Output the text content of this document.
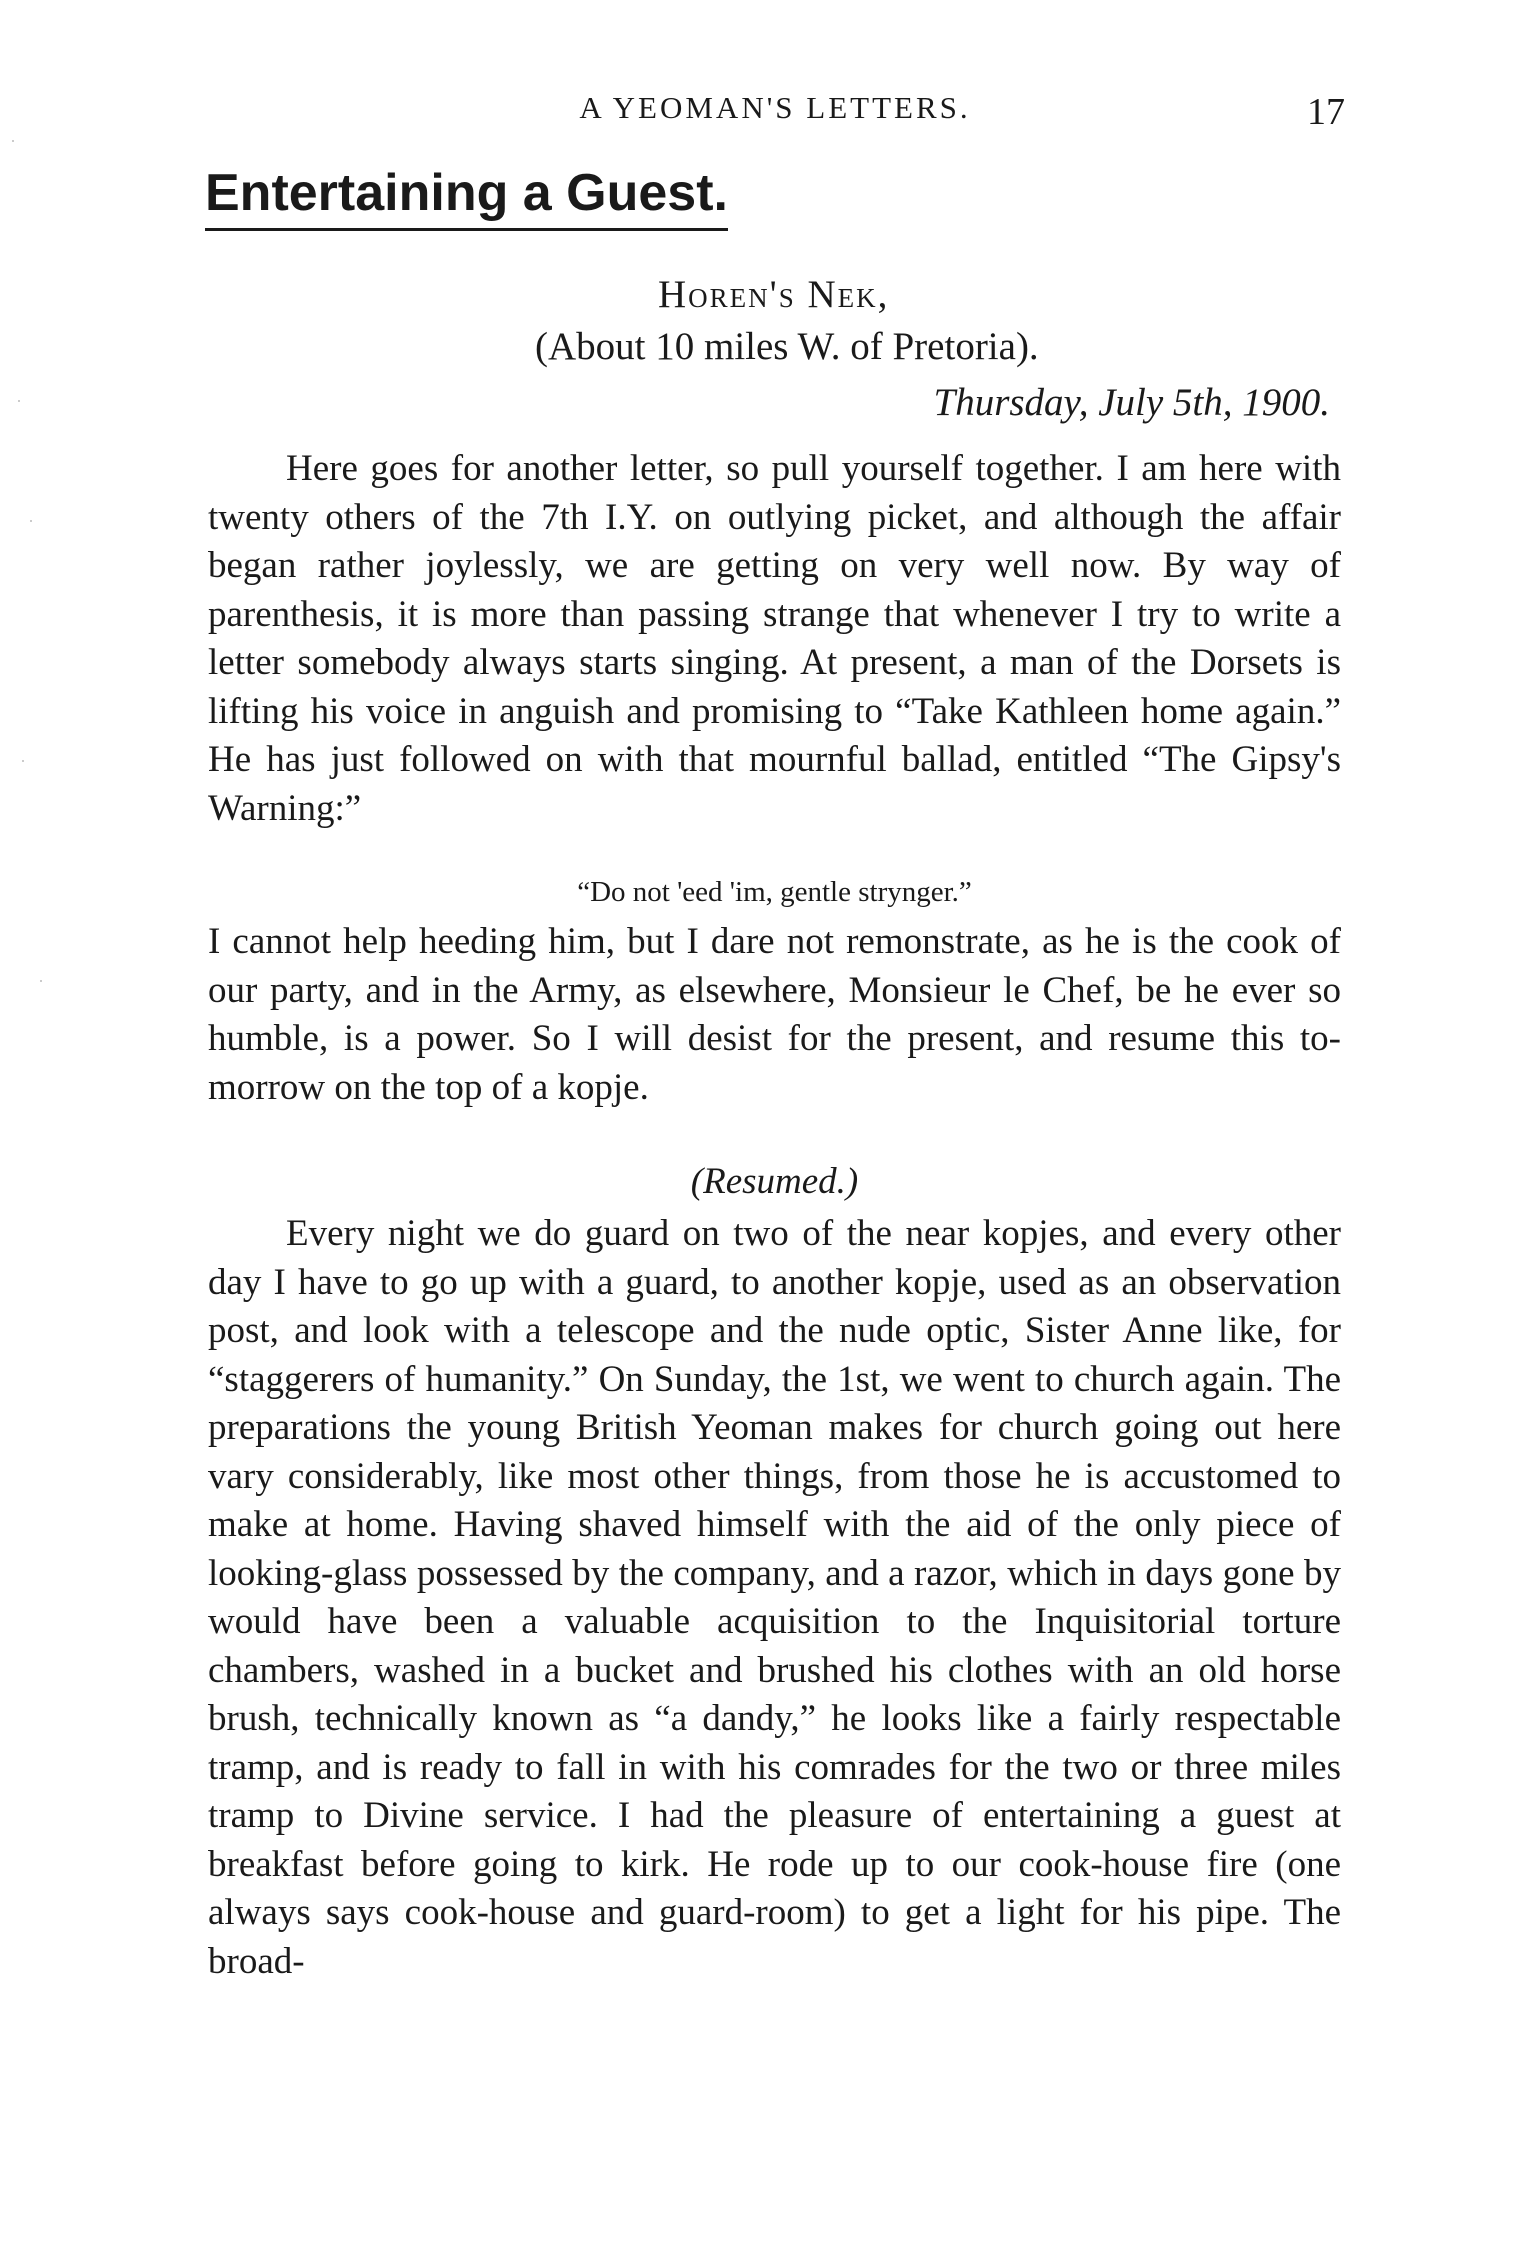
A YEOMAN'S LETTERS.	17
Entertaining a Guest.
Horen's Nek,
(About 10 miles W. of Pretoria).
Thursday, July 5th, 1900.

Here goes for another letter, so pull yourself together. I am here with twenty others of the 7th I.Y. on outlying picket, and although the affair began rather joylessly, we are getting on very well now. By way of parenthesis, it is more than passing strange that whenever I try to write a letter somebody always starts singing. At present, a man of the Dorsets is lifting his voice in anguish and promising to “Take Kathleen home again.” He has just followed on with that mournful ballad, entitled “The Gipsy's Warning:”

“Do not 'eed 'im, gentle strynger.”

I cannot help heeding him, but I dare not remonstrate, as he is the cook of our party, and in the Army, as elsewhere, Monsieur le Chef, be he ever so humble, is a power. So I will desist for the present, and resume this to-morrow on the top of a kopje.

(Resumed.)

Every night we do guard on two of the near kopjes, and every other day I have to go up with a guard, to another kopje, used as an observation post, and look with a telescope and the nude optic, Sister Anne like, for “staggerers of humanity.” On Sunday, the 1st, we went to church again. The preparations the young British Yeoman makes for church going out here vary considerably, like most other things, from those he is accustomed to make at home. Having shaved himself with the aid of the only piece of looking-glass possessed by the company, and a razor, which in days gone by would have been a valuable acquisition to the Inquisitorial torture chambers, washed in a bucket and brushed his clothes with an old horse brush, technically known as “a dandy,” he looks like a fairly respectable tramp, and is ready to fall in with his comrades for the two or three miles tramp to Divine service. I had the pleasure of entertaining a guest at breakfast before going to kirk. He rode up to our cook-house fire (one always says cook-house and guard-room) to get a light for his pipe. The broad-
